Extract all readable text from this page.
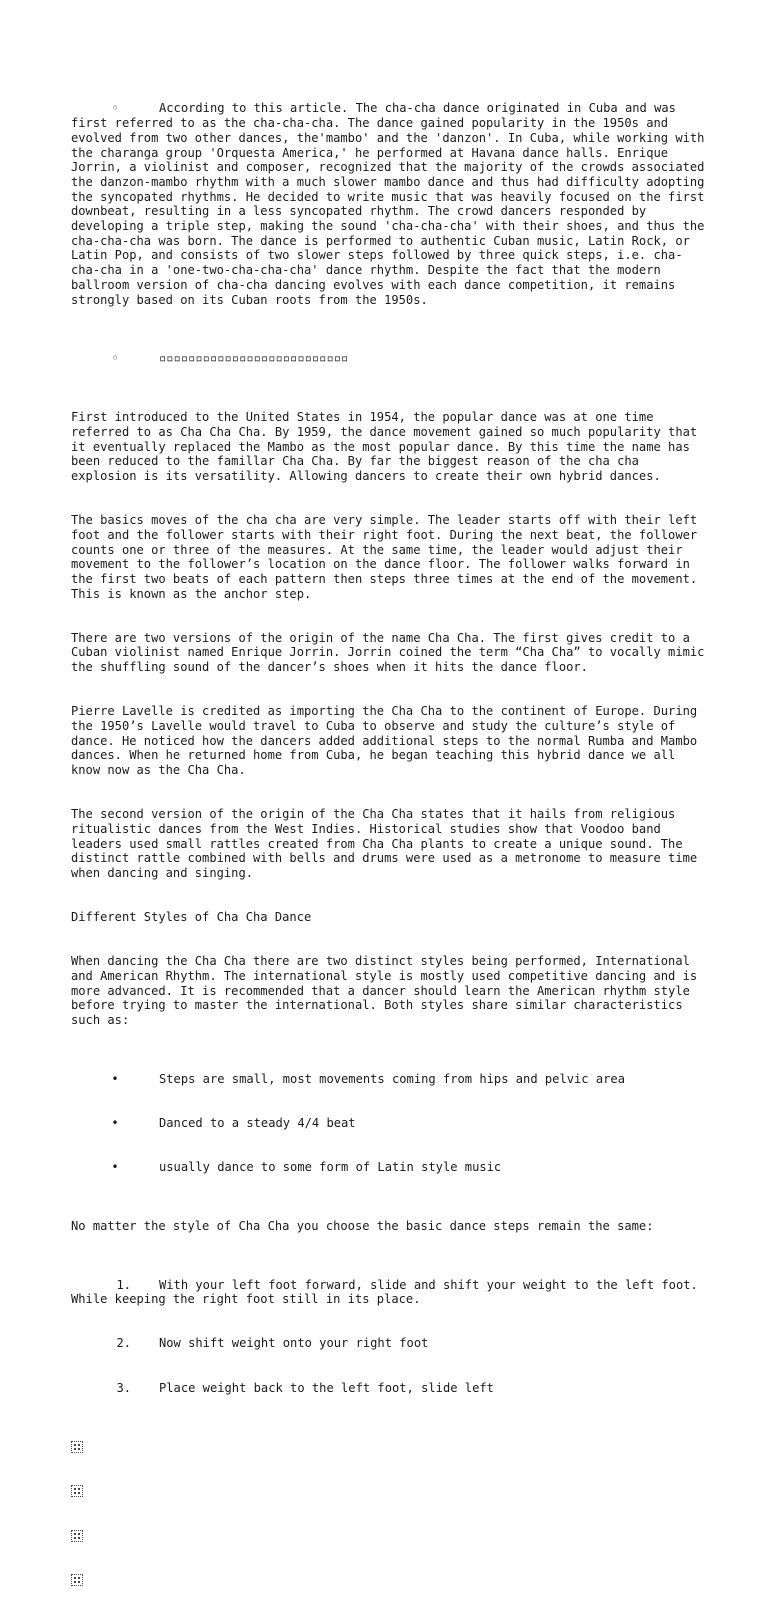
◦	According to this article. The cha-cha dance originated in Cuba and was first referred to as the cha-cha-cha. The dance gained popularity in the 1950s and evolved from two other dances, the'mambo' and the 'danzon'. In Cuba, while working with the charanga group 'Orquesta America,' he performed at Havana dance halls. Enrique Jorrin, a violinist and composer, recognized that the majority of the crowds associated the danzon-mambo rhythm with a much slower mambo dance and thus had difficulty adopting the syncopated rhythms. He decided to write music that was heavily focused on the first downbeat, resulting in a less syncopated rhythm. The crowd dancers responded by developing a triple step, making the sound 'cha-cha-cha' with their shoes, and thus the cha-cha-cha was born. The dance is performed to authentic Cuban music, Latin Rock, or Latin Pop, and consists of two slower steps followed by three quick steps, i.e. cha-cha-cha in a 'one-two-cha-cha-cha' dance rhythm. Despite the fact that the modern ballroom version of cha-cha dancing evolves with each dance competition, it remains strongly based on its Cuban roots from the 1950s.

◦	▫▫▫▫▫▫▫▫▫▫▫▫▫▫▫▫▫▫▫▫▫▫▫▫▫▫

First introduced to the United States in 1954, the popular dance was at one time referred to as Cha Cha Cha. By 1959, the dance movement gained so much popularity that it eventually replaced the Mambo as the most popular dance. By this time the name has been reduced to the famillar Cha Cha. By far the biggest reason of the cha cha explosion is its versatility. Allowing dancers to create their own hybrid dances.

The basics moves of the cha cha are very simple. The leader starts off with their left foot and the follower starts with their right foot. During the next beat, the follower counts one or three of the measures. At the same time, the leader would adjust their movement to the follower’s location on the dance floor. The follower walks forward in the first two beats of each pattern then steps three times at the end of the movement. This is known as the anchor step.

There are two versions of the origin of the name Cha Cha. The first gives credit to a Cuban violinist named Enrique Jorrin. Jorrin coined the term “Cha Cha” to vocally mimic the shuffling sound of the dancer’s shoes when it hits the dance floor.

Pierre Lavelle is credited as importing the Cha Cha to the continent of Europe. During the 1950’s Lavelle would travel to Cuba to observe and study the culture’s style of dance. He noticed how the dancers added additional steps to the normal Rumba and Mambo dances. When he returned home from Cuba, he began teaching this hybrid dance we all know now as the Cha Cha.

The second version of the origin of the Cha Cha states that it hails from religious ritualistic dances from the West Indies. Historical studies show that Voodoo band leaders used small rattles created from Cha Cha plants to create a unique sound. The distinct rattle combined with bells and drums were used as a metronome to measure time when dancing and singing.

Different Styles of Cha Cha Dance

When dancing the Cha Cha there are two distinct styles being performed, International and American Rhythm. The international style is mostly used competitive dancing and is more advanced. It is recommended that a dancer should learn the American rhythm style before trying to master the international. Both styles share similar characteristics such as:

•	Steps are small, most movements coming from hips and pelvic area

•	Danced to a steady 4/4 beat

•	usually dance to some form of Latin style music

No matter the style of Cha Cha you choose the basic dance steps remain the same:

1. With your left foot forward, slide and shift your weight to the left foot. While keeping the right foot still in its place.

2.	Now shift weight onto your right foot

3.	Place weight back to the left foot, slide left
